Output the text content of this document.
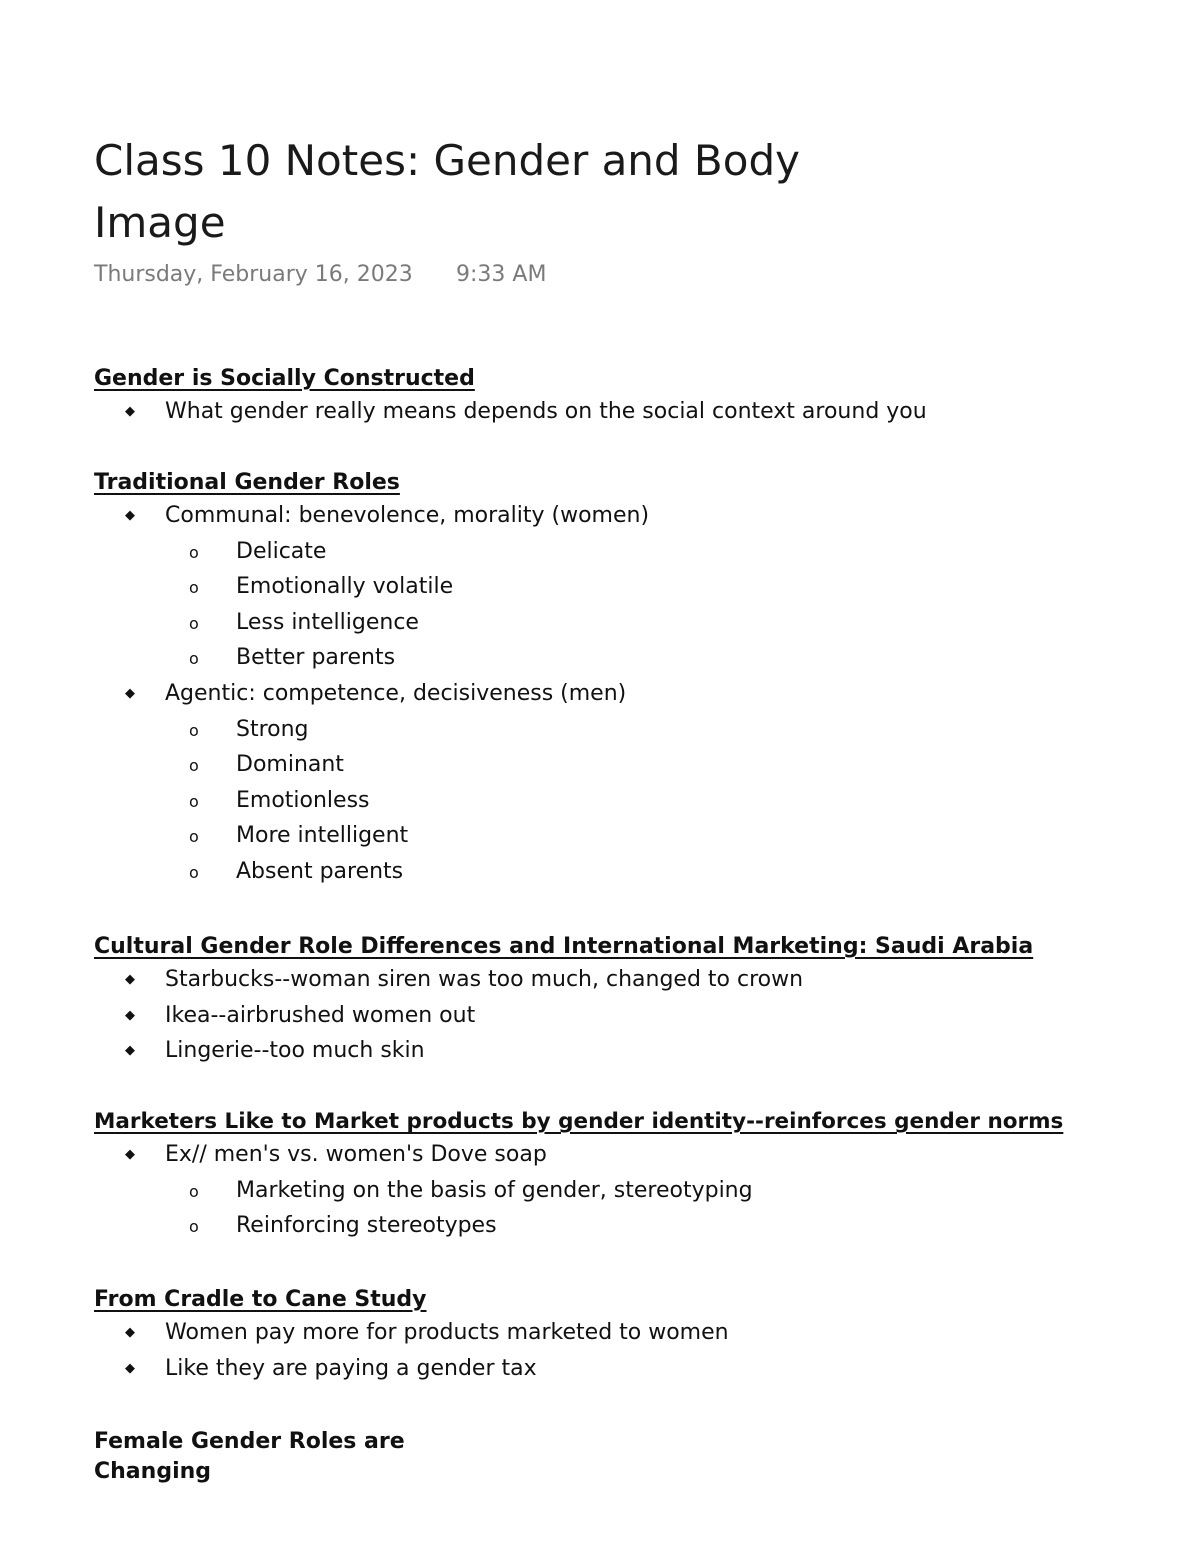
Class 10 Notes: Gender and Body Image
Thursday, February 16, 2023 9:33 AM
Gender is Socially Constructed
◆ What gender really means depends on the social context around you
Traditional Gender Roles
◆ Communal: benevolence, morality (women)
o Delicate
o Emotionally volatile
o Less intelligence
o Better parents
◆ Agentic: competence, decisiveness (men)
o Strong
o Dominant
o Emotionless
o More intelligent
o Absent parents
Cultural Gender Role Differences and International Marketing: Saudi Arabia
◆ Starbucks--woman siren was too much, changed to crown
◆ Ikea--airbrushed women out
◆ Lingerie--too much skin
Marketers Like to Market products by gender identity--reinforces gender norms
◆ Ex// men's vs. women's Dove soap
o Marketing on the basis of gender, stereotyping
o Reinforcing stereotypes
From Cradle to Cane Study
◆ Women pay more for products marketed to women
◆ Like they are paying a gender tax
Female Gender Roles are Changing
